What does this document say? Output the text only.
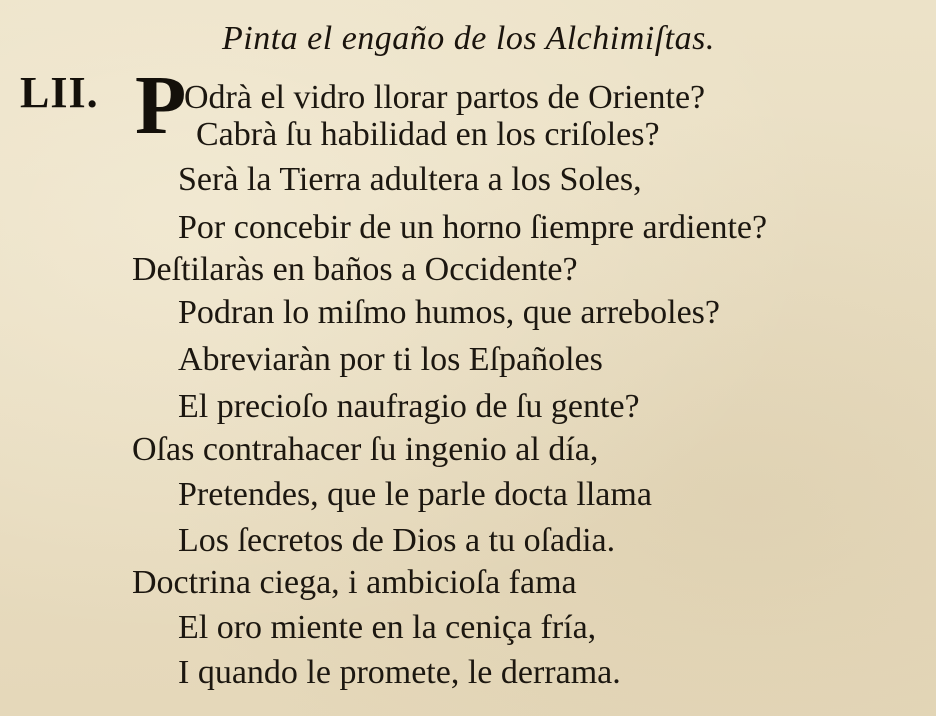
Pinta el engaño de los Alchimiſtas.
LII. P
Odrà el vidro llorar partos de Oriente?
Cabrà ſu habilidad en los criſoles?
Serà la Tierra adultera a los Soles,
Por concebir de un horno ſiempre ardiente?
Deſtilaràs en baños a Occidente?
Podran lo miſmo humos, que arreboles?
Abreviaràn por ti los Eſpañoles
El precioſo naufragio de ſu gente?
Oſas contrahacer ſu ingenio al día,
Pretendes, que le parle docta llama
Los ſecretos de Dios a tu oſadia.
Doctrina ciega, i ambicioſa fama
El oro miente en la ceniça fría,
I quando le promete, le derrama.
